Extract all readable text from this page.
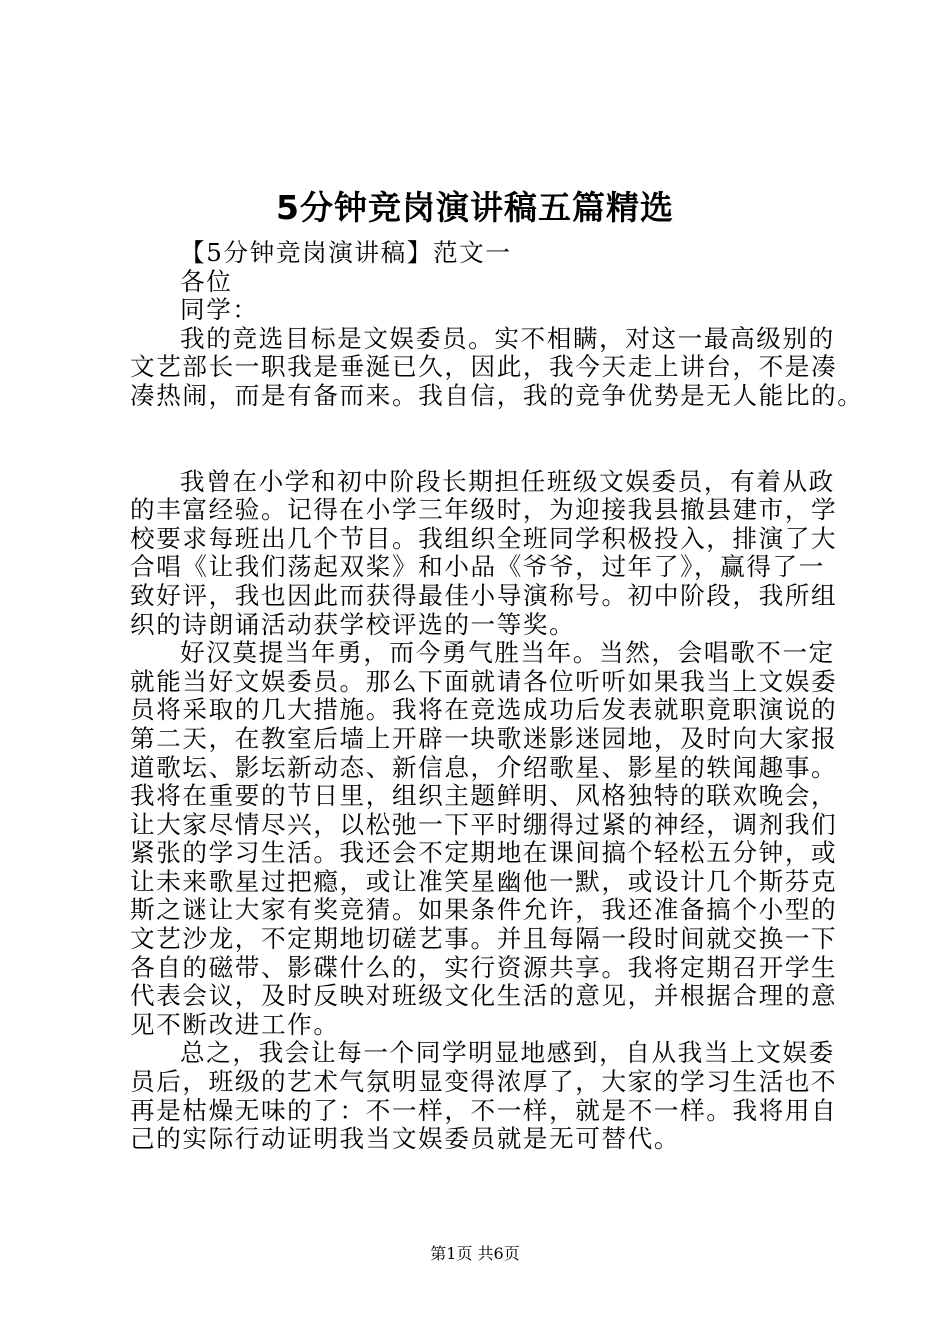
5分钟竞岗演讲稿五篇精选
【5分钟竞岗演讲稿】范文一
各位
同学：
我的竞选目标是文娱委员。实不相瞒，对这一最高级别的
文艺部长一职我是垂涎已久，因此，我今天走上讲台，不是凑
凑热闹，而是有备而来。我自信，我的竞争优势是无人能比的。
我曾在小学和初中阶段长期担任班级文娱委员，有着从政
的丰富经验。记得在小学三年级时，为迎接我县撤县建市，学
校要求每班出几个节目。我组织全班同学积极投入，排演了大
合唱《让我们荡起双桨》和小品《爷爷，过年了》，赢得了一
致好评，我也因此而获得最佳小导演称号。初中阶段，我所组
织的诗朗诵活动获学校评选的一等奖。
好汉莫提当年勇，而今勇气胜当年。当然，会唱歌不一定
就能当好文娱委员。那么下面就请各位听听如果我当上文娱委
员将采取的几大措施。我将在竞选成功后发表就职竟职演说的
第二天，在教室后墙上开辟一块歌迷影迷园地，及时向大家报
道歌坛、影坛新动态、新信息，介绍歌星、影星的轶闻趣事。
我将在重要的节日里，组织主题鲜明、风格独特的联欢晚会，
让大家尽情尽兴，以松弛一下平时绷得过紧的神经，调剂我们
紧张的学习生活。我还会不定期地在课间搞个轻松五分钟，或
让未来歌星过把瘾，或让准笑星幽他一默，或设计几个斯芬克
斯之谜让大家有奖竞猜。如果条件允许，我还准备搞个小型的
文艺沙龙，不定期地切磋艺事。并且每隔一段时间就交换一下
各自的磁带、影碟什么的，实行资源共享。我将定期召开学生
代表会议，及时反映对班级文化生活的意见，并根据合理的意
见不断改进工作。
总之，我会让每一个同学明显地感到，自从我当上文娱委
员后，班级的艺术气氛明显变得浓厚了，大家的学习生活也不
再是枯燥无味的了：不一样，不一样，就是不一样。我将用自
己的实际行动证明我当文娱委员就是无可替代。
第1页 共6页
